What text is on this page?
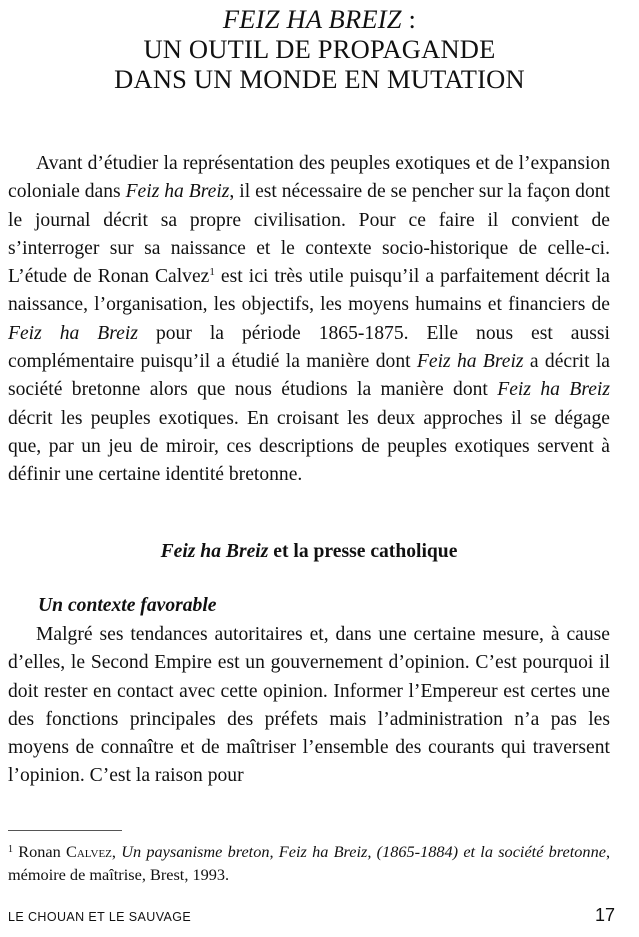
FEIZ HA BREIZ :
UN OUTIL DE PROPAGANDE
DANS UN MONDE EN MUTATION

Avant d’étudier la représentation des peuples exotiques et de l’expansion coloniale dans Feiz ha Breiz, il est nécessaire de se pencher sur la façon dont le journal décrit sa propre civilisation. Pour ce faire il convient de s’interroger sur sa naissance et le contexte socio-historique de celle-ci. L’étude de Ronan Calvez$^1$ est ici très utile puisqu’il a parfaitement décrit la naissance, l’organisation, les objectifs, les moyens humains et financiers de Feiz ha Breiz pour la période 1865-1875. Elle nous est aussi complémentaire puisqu’il a étudié la manière dont Feiz ha Breiz a décrit la société bretonne alors que nous étudions la manière dont Feiz ha Breiz décrit les peuples exotiques. En croisant les deux approches il se dégage que, par un jeu de miroir, ces descriptions de peuples exotiques servent à définir une certaine identité bretonne.

Feiz ha Breiz et la presse catholique
Un contexte favorable

Malgré ses tendances autoritaires et, dans une certaine mesure, à cause d’elles, le Second Empire est un gouvernement d’opinion. C’est pourquoi il doit rester en contact avec cette opinion. Informer l’Empereur est certes une des fonctions principales des préfets mais l’administration n’a pas les moyens de connaître et de maîtriser l’ensemble des courants qui traversent l’opinion. C’est la raison pour

$^1$ Ronan Calvez, Un paysanisme breton, Feiz ha Breiz, (1865-1884) et la société bretonne, mémoire de maîtrise, Brest, 1993.

LE CHOUAN ET LE SAUVAGE	17
